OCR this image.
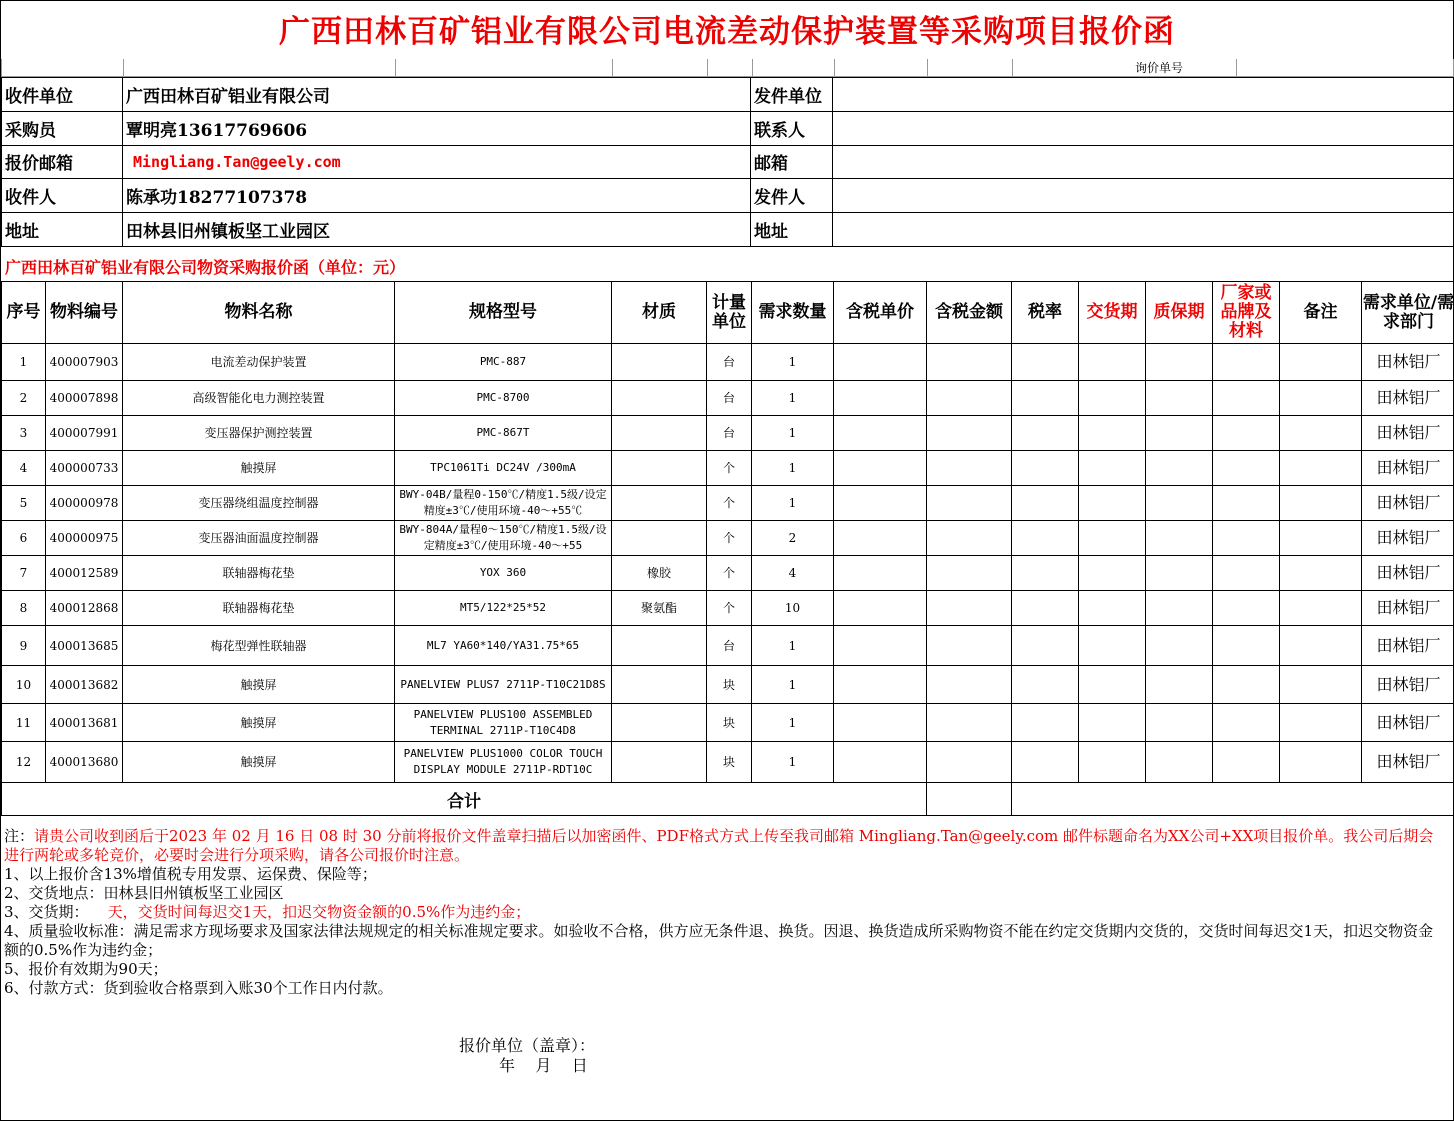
广西田林百矿铝业有限公司电流差动保护装置等采购项目报价函
								询价单号	
收件单位	广西田林百矿铝业有限公司	发件单位	
采购员	覃明亮13617769606	联系人	
报价邮箱	Mingliang.Tan@geely.com	邮箱	
收件人	陈承功18277107378	发件人	
地址	田林县旧州镇板坚工业园区	地址	
广西田林百矿铝业有限公司物资采购报价函（单位：元）
序号	物料编号	物料名称	规格型号	材质	计量单位	需求数量	含税单价	含税金额	税率	交货期	质保期	厂家或品牌及材料	备注	需求单位/需求部门
1	400007903	电流差动保护装置	PMC-887		台	1								田林铝厂
2	400007898	高级智能化电力测控装置	PMC-8700		台	1								田林铝厂
3	400007991	变压器保护测控装置	PMC-867T		台	1								田林铝厂
4	400000733	触摸屏	TPC1061Ti DC24V /300mA		个	1								田林铝厂
5	400000978	变压器绕组温度控制器	BWY-04B/量程0-150℃/精度1.5级/设定精度±3℃/使用环境-40～+55℃		个	1								田林铝厂
6	400000975	变压器油面温度控制器	BWY-804A/量程0～150℃/精度1.5级/设定精度±3℃/使用环境-40～+55		个	2								田林铝厂
7	400012589	联轴器梅花垫	YOX 360	橡胶	个	4								田林铝厂
8	400012868	联轴器梅花垫	MT5/122*25*52	聚氨酯	个	10								田林铝厂
9	400013685	梅花型弹性联轴器	ML7 YA60*140/YA31.75*65		台	1								田林铝厂
10	400013682	触摸屏	PANELVIEW PLUS7 2711P-T10C21D8S		块	1								田林铝厂
11	400013681	触摸屏	PANELVIEW PLUS100 ASSEMBLED TERMINAL 2711P-T10C4D8		块	1								田林铝厂
12	400013680	触摸屏	PANELVIEW PLUS1000 COLOR TOUCH DISPLAY MODULE 2711P-RDT10C		块	1								田林铝厂
合计														

注：请贵公司收到函后于2023 年 02 月 16 日 08 时 30 分前将报价文件盖章扫描后以加密函件、PDF格式方式上传至我司邮箱 Mingliang.Tan@geely.com 邮件标题命名为XX公司+XX项目报价单。我公司后期会进行两轮或多轮竞价，必要时会进行分项采购，请各公司报价时注意。

1、以上报价含13%增值税专用发票、运保费、保险等；

2、交货地点：田林县旧州镇板坚工业园区

3、交货期：    天，交货时间每迟交1天，扣迟交物资金额的0.5%作为违约金；

4、质量验收标准：满足需求方现场要求及国家法律法规规定的相关标准规定要求。如验收不合格，供方应无条件退、换货。因退、换货造成所采购物资不能在约定交货期内交货的，交货时间每迟交1天，扣迟交物资金额的0.5%作为违约金；

5、报价有效期为90天；

6、付款方式：货到验收合格票到入账30个工作日内付款。

报价单位（盖章）：
年    月    日
